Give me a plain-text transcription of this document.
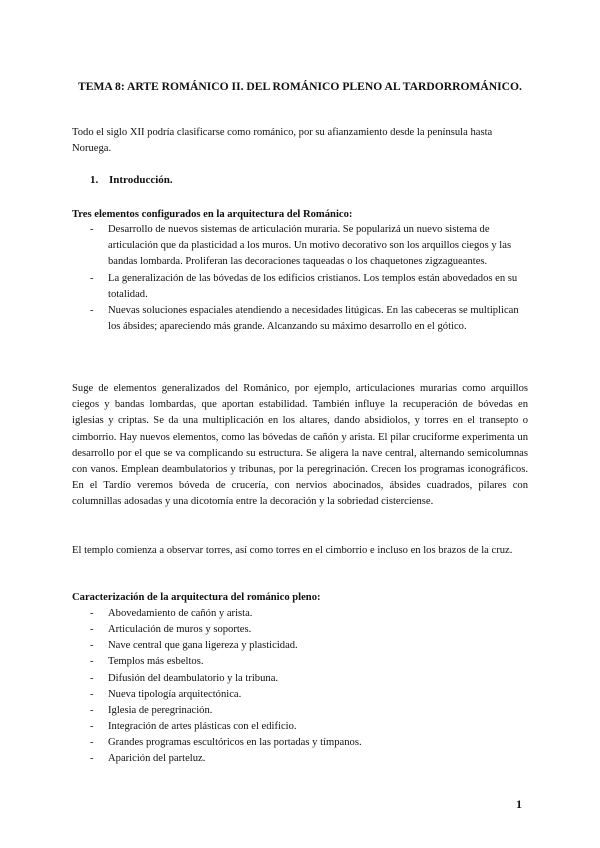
TEMA 8: ARTE ROMÁNICO II. DEL ROMÁNICO PLENO AL TARDORROMÁNICO.

Todo el siglo XII podría clasificarse como románico, por su afianzamiento desde la península hasta Noruega.

1. Introducción.

Tres elementos configurados en la arquitectura del Románico:

- Desarrollo de nuevos sistemas de articulación muraria. Se popularizá un nuevo sistema de articulación que da plasticidad a los muros. Un motivo decorativo son los arquillos ciegos y las bandas lombarda. Proliferan las decoraciones taqueadas o los chaquetones zigzagueantes.
- La generalización de las bóvedas de los edificios cristianos. Los templos están abovedados en su totalidad.
- Nuevas soluciones espaciales atendiendo a necesidades litúgicas. En las cabeceras se multiplican los ábsides; apareciendo más grande. Alcanzando su máximo desarrollo en el gótico.

Suge de elementos generalizados del Románico, por ejemplo, articulaciones murarias como arquillos ciegos y bandas lombardas, que aportan estabilidad. También influye la recuperación de bóvedas en iglesias y criptas. Se da una multiplicación en los altares, dando absidiolos, y torres en el transepto o cimborrio. Hay nuevos elementos, como las bóvedas de cañón y arista. El pilar cruciforme experimenta un desarrollo por el que se va complicando su estructura. Se aligera la nave central, alternando semicolumnas con vanos. Emplean deambulatorios y tribunas, por la peregrinación. Crecen los programas iconográficos. En el Tardío veremos bóveda de crucería, con nervios abocinados, ábsides cuadrados, pilares con columnillas adosadas y una dicotomía entre la decoración y la sobriedad cisterciense.

El templo comienza a observar torres, así como torres en el cimborrio e incluso en los brazos de la cruz.

Caracterización de la arquitectura del románico pleno:

- Abovedamiento de cañón y arista.
- Articulación de muros y soportes.
- Nave central que gana ligereza y plasticidad.
- Templos más esbeltos.
- Difusión del deambulatorio y la tribuna.
- Nueva tipología arquitectónica.
- Iglesia de peregrinación.
- Integración de artes plásticas con el edificio.
- Grandes programas escultóricos en las portadas y tímpanos.
- Aparición del parteluz.

1
